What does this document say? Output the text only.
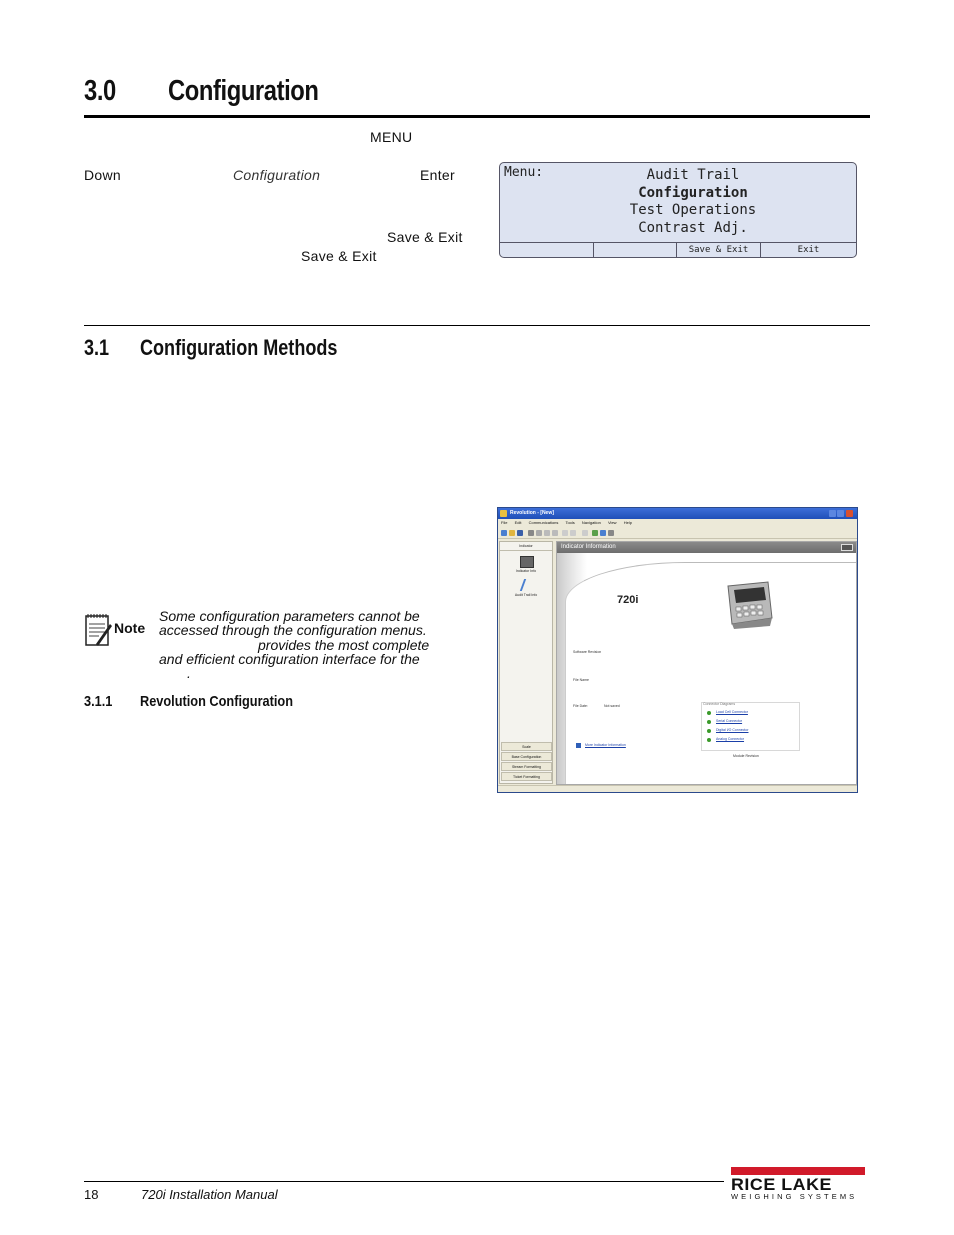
3.0 Configuration
MENU
Down	Configuration	Enter
Save & Exit
Save & Exit
Menu:	Audit Trail
Configuration
Test Operations
Contrast Adj.
Save & Exit	Exit
3.1 Configuration Methods
Note
Some configuration parameters cannot be
accessed through the configuration menus.
provides the most complete
and efficient configuration interface for the
.
3.1.1 Revolution Configuration
Revolution - [New]
File Edit Communications Tools Navigation View Help
Indicator
Indicator Info
Audit Trail Info
Scale
Base Configuration
Stream Formatting
Ticket Formatting
Indicator Information
720i
Software Revision
File Name
File Date:	Not saved
More Indicator Information
Connector Diagrams
Load Cell Connector
Serial Connector
Digital I/O Connector
Analog Connector
Module Revision
18	720i Installation Manual
RICE LAKE
WEIGHING SYSTEMS
